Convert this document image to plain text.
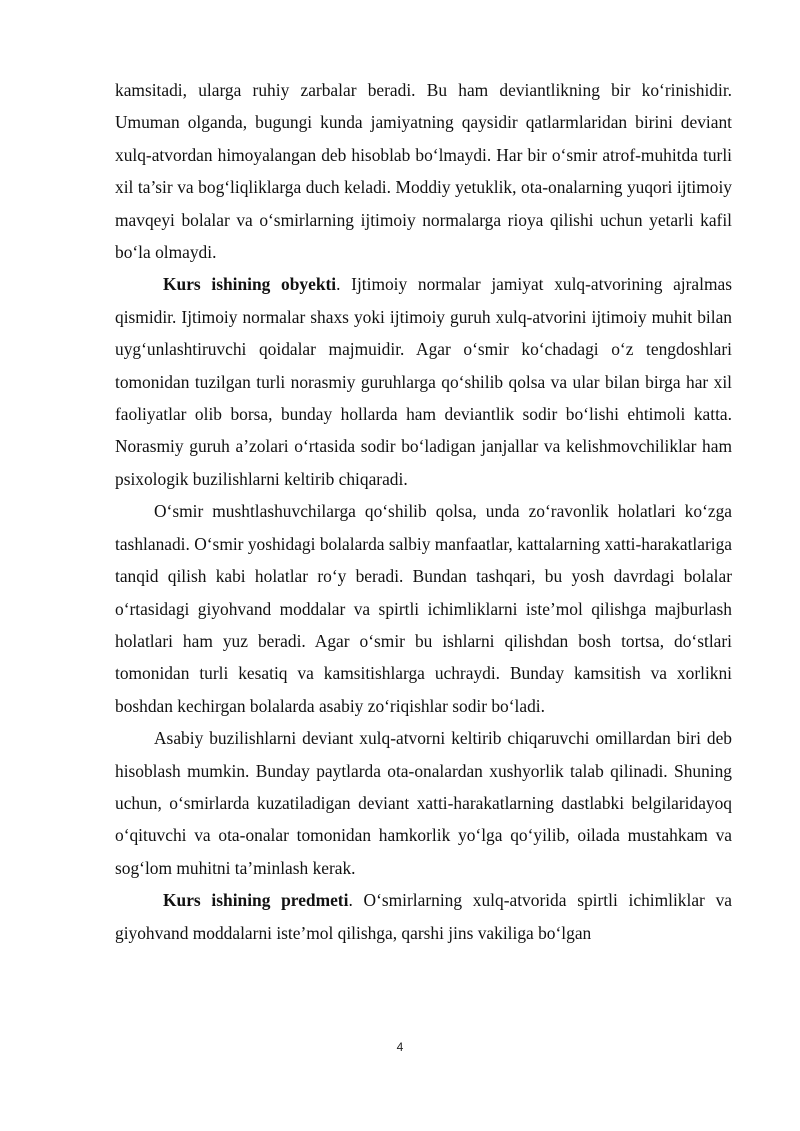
kamsitadi, ularga ruhiy zarbalar beradi. Bu ham deviantlikning bir ko‘rinishidir. Umuman olganda, bugungi kunda jamiyatning qaysidir qatlarmlaridan birini deviant xulq-atvordan himoyalangan deb hisoblab bo‘lmaydi. Har bir o‘smir atrof-muhitda turli xil ta’sir va bog‘liqliklarga duch keladi. Moddiy yetuklik, ota-onalarning yuqori ijtimoiy mavqeyi bolalar va o‘smirlarning ijtimoiy normalarga rioya qilishi uchun yetarli kafil bo‘la olmaydi.

Kurs ishining obyekti. Ijtimoiy normalar jamiyat xulq-atvorining ajralmas qismidir. Ijtimoiy normalar shaxs yoki ijtimoiy guruh xulq-atvorini ijtimoiy muhit bilan uyg‘unlashtiruvchi qoidalar majmuidir. Agar o‘smir ko‘chadagi o‘z tengdoshlari tomonidan tuzilgan turli norasmiy guruhlarga qo‘shilib qolsa va ular bilan birga har xil faoliyatlar olib borsa, bunday hollarda ham deviantlik sodir bo‘lishi ehtimoli katta. Norasmiy guruh a’zolari o‘rtasida sodir bo‘ladigan janjallar va kelishmovchiliklar ham psixologik buzilishlarni keltirib chiqaradi.

O‘smir mushtlashuvchilarga qo‘shilib qolsa, unda zo‘ravonlik holatlari ko‘zga tashlanadi. O‘smir yoshidagi bolalarda salbiy manfaatlar, kattalarning xatti-harakatlariga tanqid qilish kabi holatlar ro‘y beradi. Bundan tashqari, bu yosh davrdagi bolalar o‘rtasidagi giyohvand moddalar va spirtli ichimliklarni iste’mol qilishga majburlash holatlari ham yuz beradi. Agar o‘smir bu ishlarni qilishdan bosh tortsa, do‘stlari tomonidan turli kesatiq va kamsitishlarga uchraydi. Bunday kamsitish va xorlikni boshdan kechirgan bolalarda asabiy zo‘riqishlar sodir bo‘ladi.

Asabiy buzilishlarni deviant xulq-atvorni keltirib chiqaruvchi omillardan biri deb hisoblash mumkin. Bunday paytlarda ota-onalardan xushyorlik talab qilinadi. Shuning uchun, o‘smirlarda kuzatiladigan deviant xatti-harakatlarning dastlabki belgilaridayoq o‘qituvchi va ota-onalar tomonidan hamkorlik yo‘lga qo‘yilib, oilada mustahkam va sog‘lom muhitni ta’minlash kerak.

Kurs ishining predmeti. O‘smirlarning xulq-atvorida spirtli ichimliklar va giyohvand moddalarni iste’mol qilishga, qarshi jins vakiliga bo‘lgan

4
